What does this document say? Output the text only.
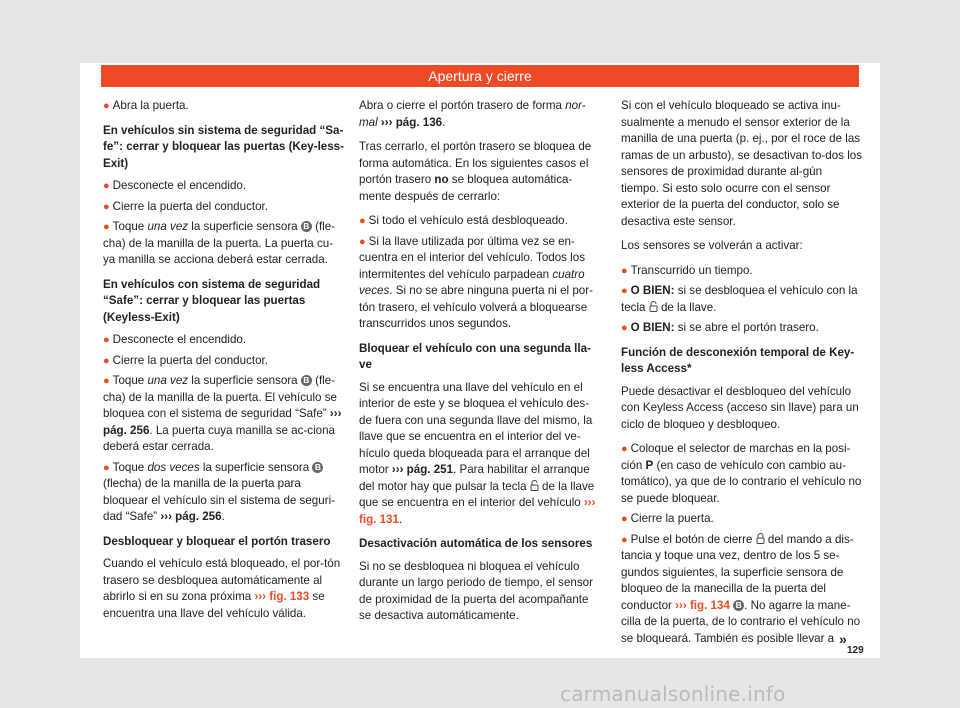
Apertura y cierre

● Abra la puerta.

En vehículos sin sistema de seguridad “Sa-fe”: cerrar y bloquear las puertas (Key-less-Exit)

● Desconecte el encendido.

● Cierre la puerta del conductor.

● Toque una vez la superficie sensora B (fle-cha) de la manilla de la puerta. La puerta cu-ya manilla se acciona deberá estar cerrada.

En vehículos con sistema de seguridad “Safe”: cerrar y bloquear las puertas (Keyless-Exit)

● Desconecte el encendido.

● Cierre la puerta del conductor.

● Toque una vez la superficie sensora B (fle-cha) de la manilla de la puerta. El vehículo se bloquea con el sistema de seguridad “Safe” ››› pág. 256. La puerta cuya manilla se ac-ciona deberá estar cerrada.

● Toque dos veces la superficie sensora B (flecha) de la manilla de la puerta para bloquear el vehículo sin el sistema de seguri-dad “Safe” ››› pág. 256.

Desbloquear y bloquear el portón trasero

Cuando el vehículo está bloqueado, el por-tón trasero se desbloquea automáticamente al abrirlo si en su zona próxima ››› fig. 133 se encuentra una llave del vehículo válida.

Abra o cierre el portón trasero de forma nor-mal ››› pág. 136.

Tras cerrarlo, el portón trasero se bloquea de forma automática. En los siguientes casos el portón trasero no se bloquea automática-mente después de cerrarlo:

● Si todo el vehículo está desbloqueado.

● Si la llave utilizada por última vez se en-cuentra en el interior del vehículo. Todos los intermitentes del vehículo parpadean cuatro veces. Si no se abre ninguna puerta ni el por-tón trasero, el vehículo volverá a bloquearse transcurridos unos segundos.

Bloquear el vehículo con una segunda lla-ve

Si se encuentra una llave del vehículo en el interior de este y se bloquea el vehículo des-de fuera con una segunda llave del mismo, la llave que se encuentra en el interior del ve-hículo queda bloqueada para el arranque del motor ››› pág. 251. Para habilitar el arranque del motor hay que pulsar la tecla  de la llave que se encuentra en el interior del vehículo ››› fig. 131.

Desactivación automática de los sensores

Si no se desbloquea ni bloquea el vehículo durante un largo periodo de tiempo, el sensor de proximidad de la puerta del acompañante se desactiva automáticamente.

Si con el vehículo bloqueado se activa inu-sualmente a menudo el sensor exterior de la manilla de una puerta (p. ej., por el roce de las ramas de un arbusto), se desactivan to-dos los sensores de proximidad durante al-gún tiempo. Si esto solo ocurre con el sensor exterior de la puerta del conductor, solo se desactiva este sensor.

Los sensores se volverán a activar:

● Transcurrido un tiempo.

● O BIEN: si se desbloquea el vehículo con la tecla  de la llave.

● O BIEN: si se abre el portón trasero.

Función de desconexión temporal de Key-less Access*

Puede desactivar el desbloqueo del vehículo con Keyless Access (acceso sin llave) para un ciclo de bloqueo y desbloqueo.

● Coloque el selector de marchas en la posi-ción P (en caso de vehículo con cambio au-tomático), ya que de lo contrario el vehículo no se puede bloquear.

● Cierre la puerta.

● Pulse el botón de cierre  del mando a dis-tancia y toque una vez, dentro de los 5 se-gundos siguientes, la superficie sensora de bloqueo de la manecilla de la puerta del conductor ››› fig. 134 B . No agarre la mane-cilla de la puerta, de lo contrario el vehículo no se bloqueará. También es posible llevar a »
129
carmanualsonline.info
